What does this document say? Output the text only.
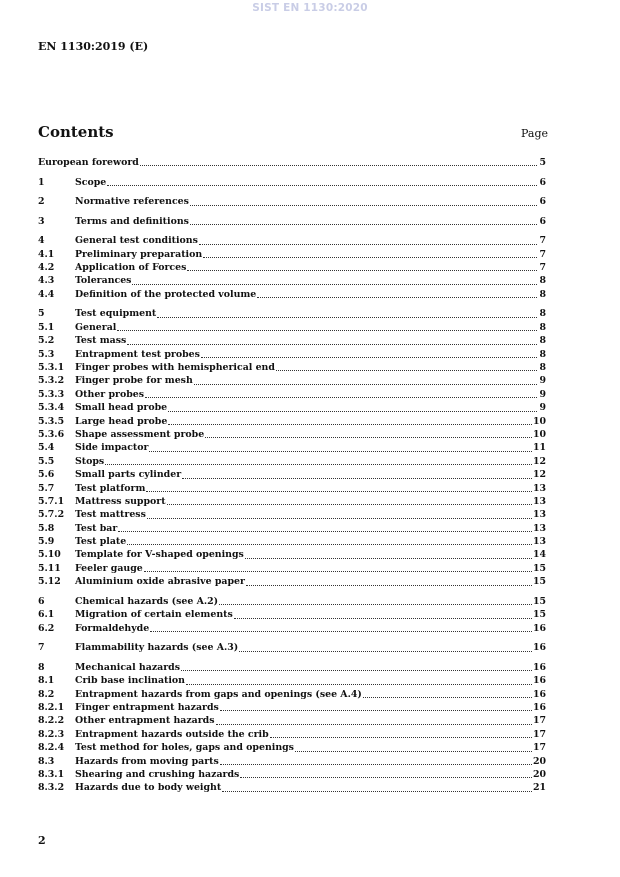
SIST EN 1130:2020
EN 1130:2019 (E)
Contents	Page
European foreword	5
1	Scope	6
2	Normative references	6
3	Terms and definitions	6
4	General test conditions	7
4.1	Preliminary preparation	7
4.2	Application of Forces	7
4.3	Tolerances	8
4.4	Definition of the protected volume	8
5	Test equipment	8
5.1	General	8
5.2	Test mass	8
5.3	Entrapment test probes	8
5.3.1	Finger probes with hemispherical end	8
5.3.2	Finger probe for mesh	9
5.3.3	Other probes	9
5.3.4	Small head probe	9
5.3.5	Large head probe	10
5.3.6	Shape assessment probe	10
5.4	Side impactor	11
5.5	Stops	12
5.6	Small parts cylinder	12
5.7	Test platform	13
5.7.1	Mattress support	13
5.7.2	Test mattress	13
5.8	Test bar	13
5.9	Test plate	13
5.10	Template for V-shaped openings	14
5.11	Feeler gauge	15
5.12	Aluminium oxide abrasive paper	15
6	Chemical hazards (see A.2)	15
6.1	Migration of certain elements	15
6.2	Formaldehyde	16
7	Flammability hazards (see A.3)	16
8	Mechanical hazards	16
8.1	Crib base inclination	16
8.2	Entrapment hazards from gaps and openings (see A.4)	16
8.2.1	Finger entrapment hazards	16
8.2.2	Other entrapment hazards	17
8.2.3	Entrapment hazards outside the crib	17
8.2.4	Test method for holes, gaps and openings	17
8.3	Hazards from moving parts	20
8.3.1	Shearing and crushing hazards	20
8.3.2	Hazards due to body weight	21
2
